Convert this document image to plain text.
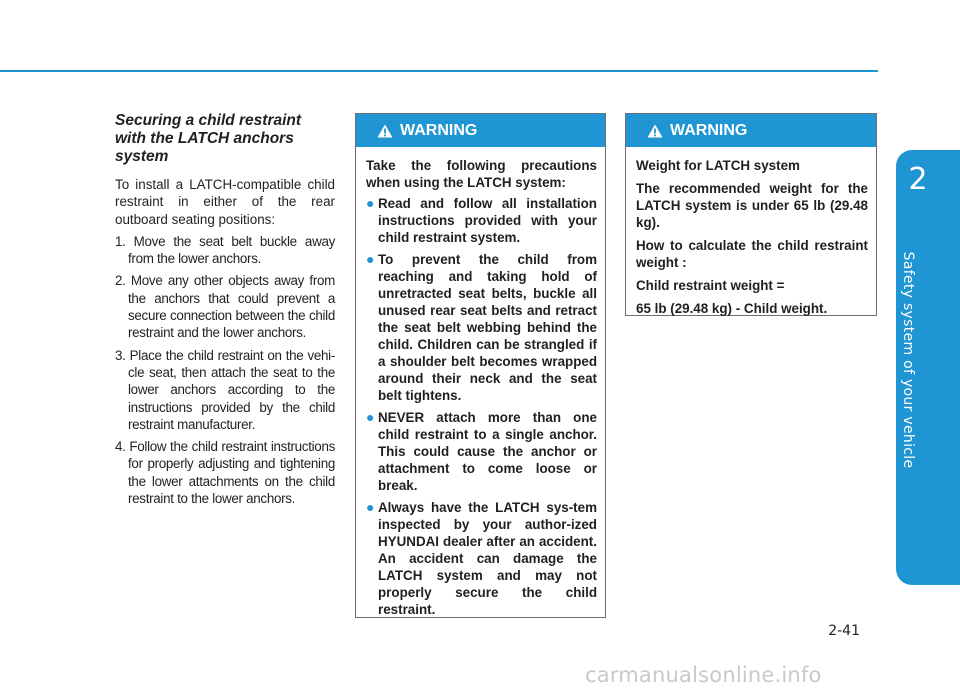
2
Safety system of your vehicle
Securing a child restraint with the LATCH anchors system

To install a LATCH-compatible child restraint in either of the rear outboard seating positions:

1. Move the seat belt buckle away from the lower anchors.
2. Move any other objects away from the anchors that could prevent a secure connection between the child restraint and the lower anchors.
3. Place the child restraint on the vehi-cle seat, then attach the seat to the lower anchors according to the instructions provided by the child restraint manufacturer.
4. Follow the child restraint instructions for properly adjusting and tightening the lower attachments on the child restraint to the lower anchors.
WARNING

Take the following precautions when using the LATCH system:

● Read and follow all installation instructions provided with your child restraint system.
● To prevent the child from reaching and taking hold of unretracted seat belts, buckle all unused rear seat belts and retract the seat belt webbing behind the child. Children can be strangled if a shoulder belt becomes wrapped around their neck and the seat belt tightens.
● NEVER attach more than one child restraint to a single anchor. This could cause the anchor or attachment to come loose or break.
● Always have the LATCH sys-tem inspected by your author-ized HYUNDAI dealer after an accident. An accident can damage the LATCH system and may not properly secure the child restraint.
WARNING

Weight for LATCH system

The recommended weight for the LATCH system is under 65 lb (29.48 kg).

How to calculate the child restraint weight :

Child restraint weight =

65 lb (29.48 kg) - Child weight.

2-41
carmanualsonline.info
